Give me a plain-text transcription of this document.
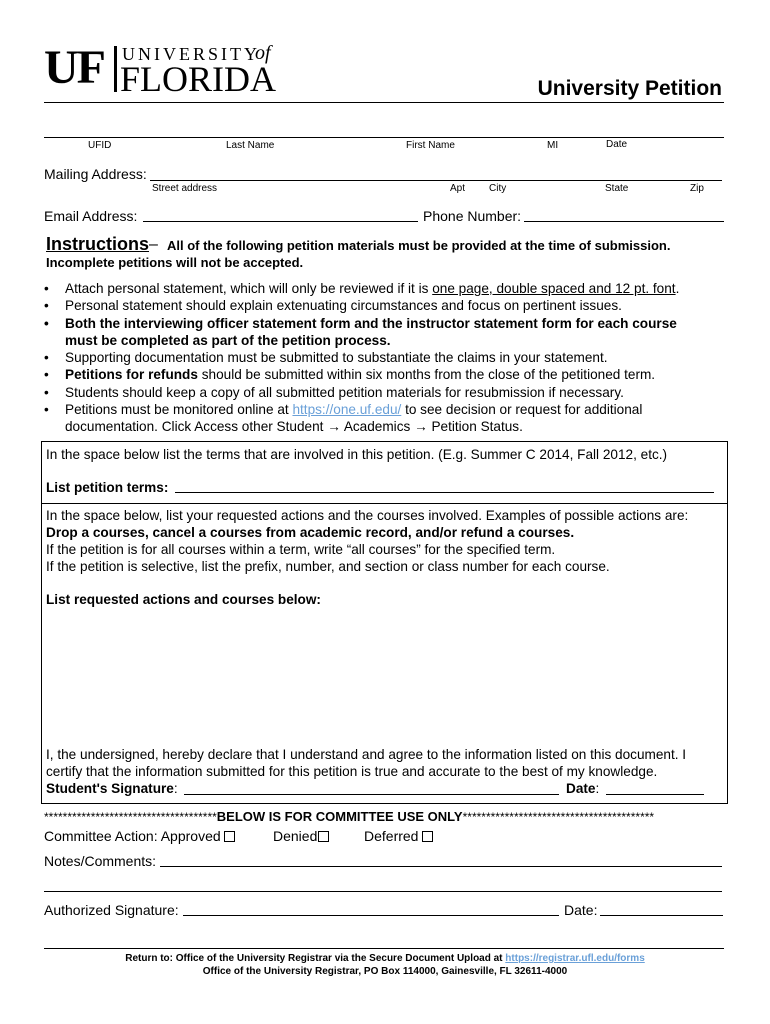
UF UNIVERSITY
of
FLORIDA	University Petition
UFID	Last Name	First Name	MI	Date
Mailing Address:
Street address	Apt City	State	Zip
Email Address:	Phone Number:
Instructions – All of the following petition materials must be provided at the time of submission.
Incomplete petitions will not be accepted.
• Attach personal statement, which will only be reviewed if it is one page, double spaced and 12 pt. font.
• Personal statement should explain extenuating circumstances and focus on pertinent issues.
• Both the interviewing officer statement form and the instructor statement form for each course
must be completed as part of the petition process.
• Supporting documentation must be submitted to substantiate the claims in your statement.
• Petitions for refunds should be submitted within six months from the close of the petitioned term.
• Students should keep a copy of all submitted petition materials for resubmission if necessary.
• Petitions must be monitored online at https://one.uf.edu/ to see decision or request for additional
documentation. Click Access other Student → Academics → Petition Status.
In the space below list the terms that are involved in this petition. (E.g. Summer C 2014, Fall 2012, etc.)
List petition terms:
In the space below, list your requested actions and the courses involved. Examples of possible actions are:
Drop a courses, cancel a courses from academic record, and/or refund a courses.
If the petition is for all courses within a term, write “all courses” for the specified term.
If the petition is selective, list the prefix, number, and section or class number for each course.
List requested actions and courses below:
I, the undersigned, hereby declare that I understand and agree to the information listed on this document. I
certify that the information submitted for this petition is true and accurate to the best of my knowledge.
Student's Signature:	Date:
*************************************BELOW IS FOR COMMITTEE USE ONLY*****************************************
Committee Action: Approved	Denied	Deferred
Notes/Comments:
Authorized Signature:	Date:
Return to: Office of the University Registrar via the Secure Document Upload at https://registrar.ufl.edu/forms
Office of the University Registrar, PO Box 114000, Gainesville, FL 32611-4000
